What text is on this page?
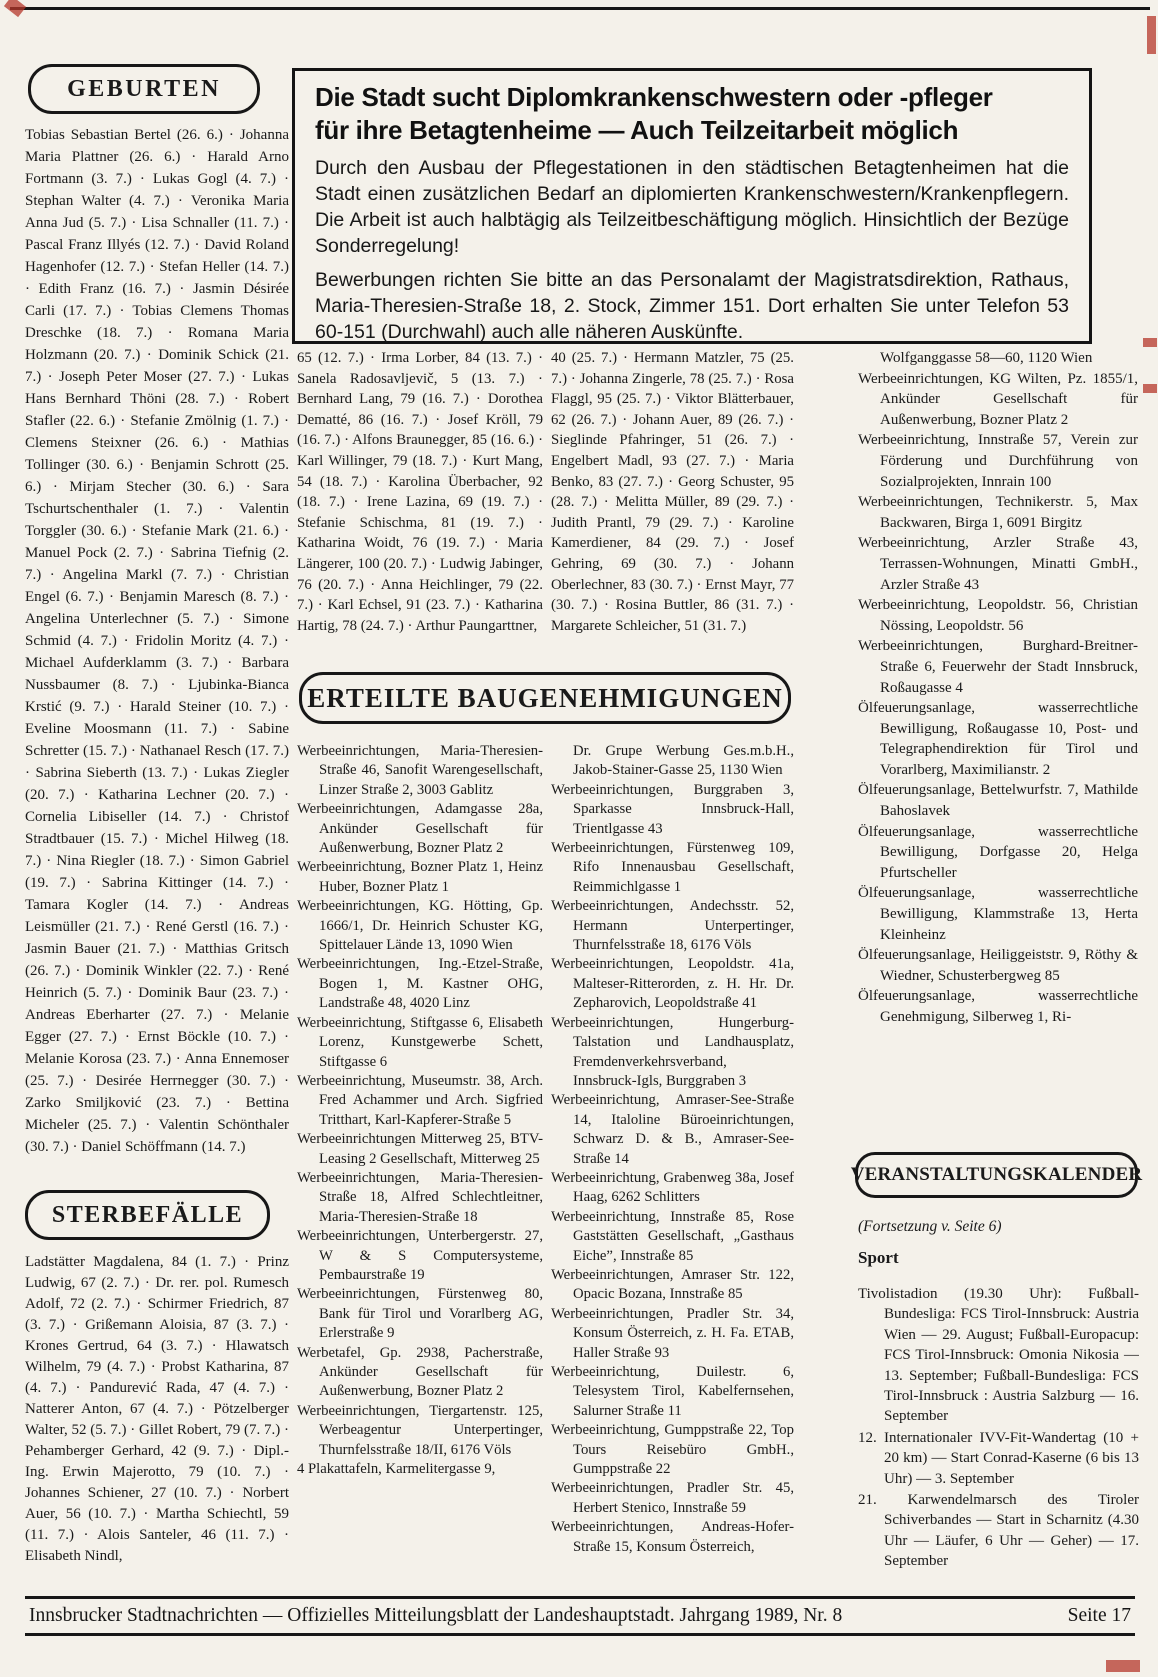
GEBURTEN
Tobias Sebastian Bertel (26. 6.) · Johanna Maria Plattner (26. 6.) · Harald Arno Fortmann (3. 7.) · Lukas Gogl (4. 7.) · Stephan Walter (4. 7.) · Veronika Maria Anna Jud (5. 7.) · Lisa Schnaller (11. 7.) · Pascal Franz Illyés (12. 7.) · David Roland Hagenhofer (12. 7.) · Stefan Heller (14. 7.) · Edith Franz (16. 7.) · Jasmin Désirée Carli (17. 7.) · Tobias Clemens Thomas Dreschke (18. 7.) · Romana Maria Holzmann (20. 7.) · Dominik Schick (21. 7.) · Joseph Peter Moser (27. 7.) · Lukas Hans Bernhard Thöni (28. 7.) · Robert Stafler (22. 6.) · Stefanie Zmölnig (1. 7.) · Clemens Steixner (26. 6.) · Mathias Tollinger (30. 6.) · Benjamin Schrott (25. 6.) · Mirjam Stecher (30. 6.) · Sara Tschurtschenthaler (1. 7.) · Valentin Torggler (30. 6.) · Stefanie Mark (21. 6.) · Manuel Pock (2. 7.) · Sabrina Tiefnig (2. 7.) · Angelina Markl (7. 7.) · Christian Engel (6. 7.) · Benjamin Maresch (8. 7.) · Angelina Unterlechner (5. 7.) · Simone Schmid (4. 7.) · Fridolin Moritz (4. 7.) · Michael Aufderklamm (3. 7.) · Barbara Nussbaumer (8. 7.) · Ljubinka-Bianca Krstić (9. 7.) · Harald Steiner (10. 7.) · Eveline Moosmann (11. 7.) · Sabine Schretter (15. 7.) · Nathanael Resch (17. 7.) · Sabrina Sieberth (13. 7.) · Lukas Ziegler (20. 7.) · Katharina Lechner (20. 7.) · Cornelia Libiseller (14. 7.) · Christof Stradtbauer (15. 7.) · Michel Hilweg (18. 7.) · Nina Riegler (18. 7.) · Simon Gabriel (19. 7.) · Sabrina Kittinger (14. 7.) · Tamara Kogler (14. 7.) · Andreas Leismüller (21. 7.) · René Gerstl (16. 7.) · Jasmin Bauer (21. 7.) · Matthias Gritsch (26. 7.) · Dominik Winkler (22. 7.) · René Heinrich (5. 7.) · Dominik Baur (23. 7.) · Andreas Eberharter (27. 7.) · Melanie Egger (27. 7.) · Ernst Böckle (10. 7.) · Melanie Korosa (23. 7.) · Anna Ennemoser (25. 7.) · Desirée Herrnegger (30. 7.) · Zarko Smiljković (23. 7.) · Bettina Micheler (25. 7.) · Valentin Schönthaler (30. 7.) · Daniel Schöffmann (14. 7.)
Die Stadt sucht Diplomkrankenschwestern oder -pfleger
für ihre Betagtenheime — Auch Teilzeitarbeit möglich
Durch den Ausbau der Pflegestationen in den städtischen Betagtenheimen hat die Stadt einen zusätzlichen Bedarf an diplomierten Krankenschwestern/Krankenpflegern. Die Arbeit ist auch halbtägig als Teilzeitbeschäftigung möglich. Hinsichtlich der Bezüge Sonderregelung!
Bewerbungen richten Sie bitte an das Personalamt der Magistratsdirektion, Rathaus, Maria-Theresien-Straße 18, 2. Stock, Zimmer 151. Dort erhalten Sie unter Telefon 53 60-151 (Durchwahl) auch alle näheren Auskünfte.
65 (12. 7.) · Irma Lorber, 84 (13. 7.) · Sanela Radosavljevič, 5 (13. 7.) · Bernhard Lang, 79 (16. 7.) · Dorothea Dematté, 86 (16. 7.) · Josef Kröll, 79 (16. 7.) · Alfons Braunegger, 85 (16. 6.) · Karl Willinger, 79 (18. 7.) · Kurt Mang, 54 (18. 7.) · Karolina Überbacher, 92 (18. 7.) · Irene Lazina, 69 (19. 7.) · Stefanie Schischma, 81 (19. 7.) · Katharina Woidt, 76 (19. 7.) · Maria Längerer, 100 (20. 7.) · Ludwig Jabinger, 76 (20. 7.) · Anna Heichlinger, 79 (22. 7.) · Karl Echsel, 91 (23. 7.) · Katharina Hartig, 78 (24. 7.) · Arthur Paungarttner,
40 (25. 7.) · Hermann Matzler, 75 (25. 7.) · Johanna Zingerle, 78 (25. 7.) · Rosa Flaggl, 95 (25. 7.) · Viktor Blätterbauer, 62 (26. 7.) · Johann Auer, 89 (26. 7.) · Sieglinde Pfahringer, 51 (26. 7.) · Engelbert Madl, 93 (27. 7.) · Maria Benko, 83 (27. 7.) · Georg Schuster, 95 (28. 7.) · Melitta Müller, 89 (29. 7.) · Judith Prantl, 79 (29. 7.) · Karoline Kamerdiener, 84 (29. 7.) · Josef Gehring, 69 (30. 7.) · Johann Oberlechner, 83 (30. 7.) · Ernst Mayr, 77 (30. 7.) · Rosina Buttler, 86 (31. 7.) · Margarete Schleicher, 51 (31. 7.)
Wolfganggasse 58—60, 1120 Wien
Werbeeinrichtungen, KG Wilten, Pz. 1855/1, Ankünder Gesellschaft für Außenwerbung, Bozner Platz 2
Werbeeinrichtung, Innstraße 57, Verein zur Förderung und Durchführung von Sozialprojekten, Innrain 100
Werbeeinrichtungen, Technikerstr. 5, Max Backwaren, Birga 1, 6091 Birgitz
Werbeeinrichtung, Arzler Straße 43, Terrassen-Wohnungen, Minatti GmbH., Arzler Straße 43
Werbeeinrichtung, Leopoldstr. 56, Christian Nössing, Leopoldstr. 56
Werbeeinrichtungen, Burghard-Breitner-Straße 6, Feuerwehr der Stadt Innsbruck, Roßaugasse 4
Ölfeuerungsanlage, wasserrechtliche Bewilligung, Roßaugasse 10, Post- und Telegraphendirektion für Tirol und Vorarlberg, Maximilianstr. 2
Ölfeuerungsanlage, Bettelwurfstr. 7, Mathilde Bahoslavek
Ölfeuerungsanlage, wasserrechtliche Bewilligung, Dorfgasse 20, Helga Pfurtscheller
Ölfeuerungsanlage, wasserrechtliche Bewilligung, Klammstraße 13, Herta Kleinheinz
Ölfeuerungsanlage, Heiliggeiststr. 9, Röthy & Wiedner, Schusterbergweg 85
Ölfeuerungsanlage, wasserrechtliche Genehmigung, Silberweg 1, Ri-
ERTEILTE BAUGENEHMIGUNGEN
Werbeeinrichtungen, Maria-Theresien-Straße 46, Sanofit Warengesellschaft, Linzer Straße 2, 3003 Gablitz
Werbeeinrichtungen, Adamgasse 28a, Ankünder Gesellschaft für Außenwerbung, Bozner Platz 2
Werbeeinrichtung, Bozner Platz 1, Heinz Huber, Bozner Platz 1
Werbeeinrichtungen, KG. Hötting, Gp. 1666/1, Dr. Heinrich Schuster KG, Spittelauer Lände 13, 1090 Wien
Werbeeinrichtungen, Ing.-Etzel-Straße, Bogen 1, M. Kastner OHG, Landstraße 48, 4020 Linz
Werbeeinrichtung, Stiftgasse 6, Elisabeth Lorenz, Kunstgewerbe Schett, Stiftgasse 6
Werbeeinrichtung, Museumstr. 38, Arch. Fred Achammer und Arch. Sigfried Tritthart, Karl-Kapferer-Straße 5
Werbeeinrichtungen Mitterweg 25, BTV-Leasing 2 Gesellschaft, Mitterweg 25
Werbeeinrichtungen, Maria-Theresien-Straße 18, Alfred Schlechtleitner, Maria-Theresien-Straße 18
Werbeeinrichtungen, Unterbergerstr. 27, W & S Computersysteme, Pembaurstraße 19
Werbeeinrichtungen, Fürstenweg 80, Bank für Tirol und Vorarlberg AG, Erlerstraße 9
Werbetafel, Gp. 2938, Pacherstraße, Ankünder Gesellschaft für Außenwerbung, Bozner Platz 2
Werbeeinrichtungen, Tiergartenstr. 125, Werbeagentur Unterpertinger, Thurnfelsstraße 18/II, 6176 Völs
4 Plakattafeln, Karmelitergasse 9,
Dr. Grupe Werbung Ges.m.b.H., Jakob-Stainer-Gasse 25, 1130 Wien
Werbeeinrichtungen, Burggraben 3, Sparkasse Innsbruck-Hall, Trientlgasse 43
Werbeeinrichtungen, Fürstenweg 109, Rifo Innenausbau Gesellschaft, Reimmichlgasse 1
Werbeeinrichtungen, Andechsstr. 52, Hermann Unterpertinger, Thurnfelsstraße 18, 6176 Völs
Werbeeinrichtungen, Leopoldstr. 41a, Malteser-Ritterorden, z. H. Hr. Dr. Zepharovich, Leopoldstraße 41
Werbeeinrichtungen, Hungerburg-Talstation und Landhausplatz, Fremdenverkehrsverband, Innsbruck-Igls, Burggraben 3
Werbeeinrichtung, Amraser-See-Straße 14, Italoline Büroeinrichtungen, Schwarz D. & B., Amraser-See-Straße 14
Werbeeinrichtung, Grabenweg 38a, Josef Haag, 6262 Schlitters
Werbeeinrichtung, Innstraße 85, Rose Gaststätten Gesellschaft, „Gasthaus Eiche”, Innstraße 85
Werbeeinrichtungen, Amraser Str. 122, Opacic Bozana, Innstraße 85
Werbeeinrichtungen, Pradler Str. 34, Konsum Österreich, z. H. Fa. ETAB, Haller Straße 93
Werbeeinrichtung, Duilestr. 6, Telesystem Tirol, Kabelfernsehen, Salurner Straße 11
Werbeeinrichtung, Gumppstraße 22, Top Tours Reisebüro GmbH., Gumppstraße 22
Werbeeinrichtungen, Pradler Str. 45, Herbert Stenico, Innstraße 59
Werbeeinrichtungen, Andreas-Hofer-Straße 15, Konsum Österreich,
STERBEFÄLLE
Ladstätter Magdalena, 84 (1. 7.) · Prinz Ludwig, 67 (2. 7.) · Dr. rer. pol. Rumesch Adolf, 72 (2. 7.) · Schirmer Friedrich, 87 (3. 7.) · Grißemann Aloisia, 87 (3. 7.) · Krones Gertrud, 64 (3. 7.) · Hlawatsch Wilhelm, 79 (4. 7.) · Probst Katharina, 87 (4. 7.) · Pandurević Rada, 47 (4. 7.) · Natterer Anton, 67 (4. 7.) · Pötzelberger Walter, 52 (5. 7.) · Gillet Robert, 79 (7. 7.) · Pehamberger Gerhard, 42 (9. 7.) · Dipl.-Ing. Erwin Majerotto, 79 (10. 7.) · Johannes Schiener, 27 (10. 7.) · Norbert Auer, 56 (10. 7.) · Martha Schiechtl, 59 (11. 7.) · Alois Santeler, 46 (11. 7.) · Elisabeth Nindl,
VERANSTALTUNGSKALENDER
(Fortsetzung v. Seite 6)
Sport
Tivolistadion (19.30 Uhr): Fußball-Bundesliga: FCS Tirol-Innsbruck: Austria Wien — 29. August; Fußball-Europacup: FCS Tirol-Innsbruck: Omonia Nikosia — 13. September; Fußball-Bundesliga: FCS Tirol-Innsbruck : Austria Salzburg — 16. September
12. Internationaler IVV-Fit-Wandertag (10 + 20 km) — Start Conrad-Kaserne (6 bis 13 Uhr) — 3. September
21. Karwendelmarsch des Tiroler Schiverbandes — Start in Scharnitz (4.30 Uhr — Läufer, 6 Uhr — Geher) — 17. September
Innsbrucker Stadtnachrichten — Offizielles Mitteilungsblatt der Landeshauptstadt. Jahrgang 1989, Nr. 8	Seite 17
